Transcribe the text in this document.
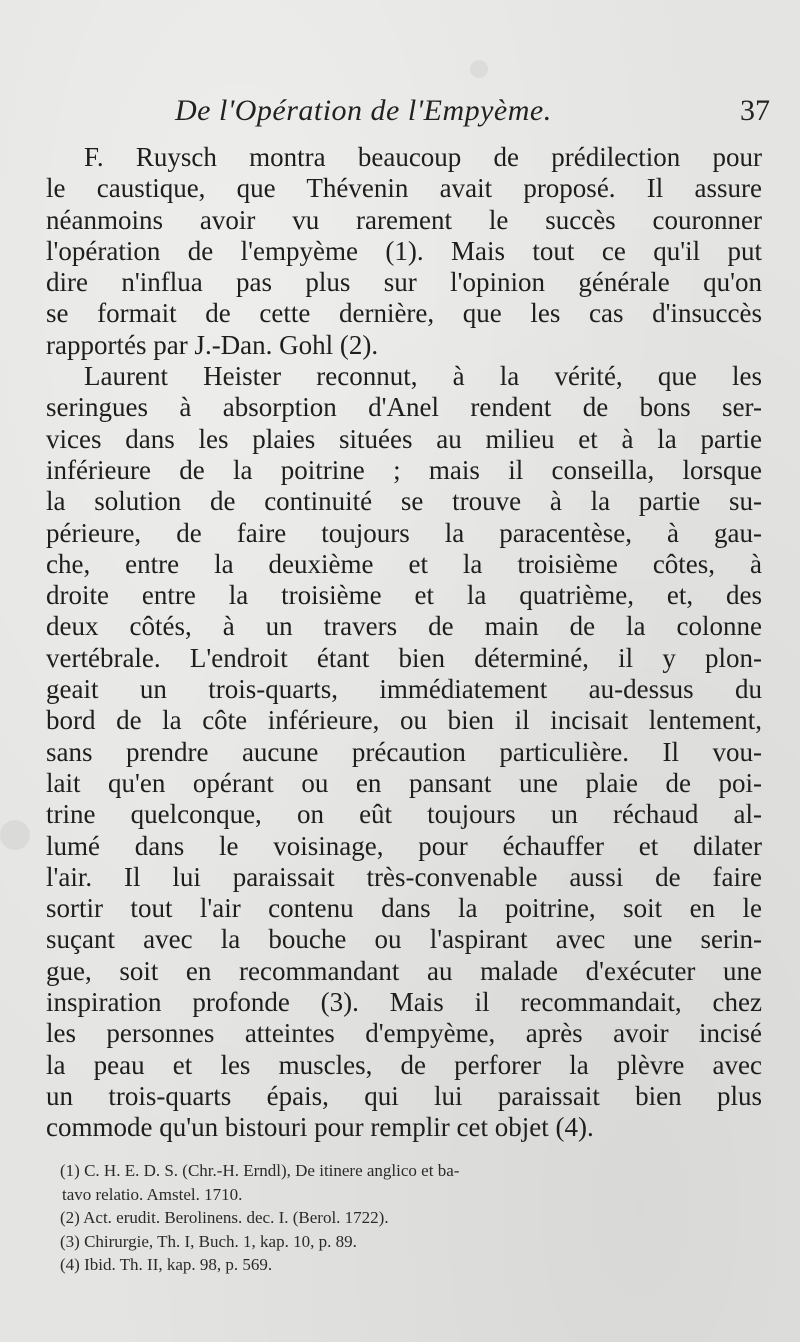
De l'Opération de l'Empyème.	37
F. Ruysch montra beaucoup de prédilection pour
le caustique, que Thévenin avait proposé. Il assure
néanmoins avoir vu rarement le succès couronner
l'opération de l'empyème (1). Mais tout ce qu'il put
dire n'influa pas plus sur l'opinion générale qu'on
se formait de cette dernière, que les cas d'insuccès
rapportés par J.-Dan. Gohl (2).
Laurent Heister reconnut, à la vérité, que les
seringues à absorption d'Anel rendent de bons ser-
vices dans les plaies situées au milieu et à la partie
inférieure de la poitrine ; mais il conseilla, lorsque
la solution de continuité se trouve à la partie su-
périeure, de faire toujours la paracentèse, à gau-
che, entre la deuxième et la troisième côtes, à
droite entre la troisième et la quatrième, et, des
deux côtés, à un travers de main de la colonne
vertébrale. L'endroit étant bien déterminé, il y plon-
geait un trois-quarts, immédiatement au-dessus du
bord de la côte inférieure, ou bien il incisait lentement,
sans prendre aucune précaution particulière. Il vou-
lait qu'en opérant ou en pansant une plaie de poi-
trine quelconque, on eût toujours un réchaud al-
lumé dans le voisinage, pour échauffer et dilater
l'air. Il lui paraissait très-convenable aussi de faire
sortir tout l'air contenu dans la poitrine, soit en le
suçant avec la bouche ou l'aspirant avec une serin-
gue, soit en recommandant au malade d'exécuter une
inspiration profonde (3). Mais il recommandait, chez
les personnes atteintes d'empyème, après avoir incisé
la peau et les muscles, de perforer la plèvre avec
un trois-quarts épais, qui lui paraissait bien plus
commode qu'un bistouri pour remplir cet objet (4).
(1) C. H. E. D. S. (Chr.-H. Erndl), De itinere anglico et ba-
tavo relatio. Amstel. 1710.
(2) Act. erudit. Berolinens. dec. I. (Berol. 1722).
(3) Chirurgie, Th. I, Buch. 1, kap. 10, p. 89.
(4) Ibid. Th. II, kap. 98, p. 569.
